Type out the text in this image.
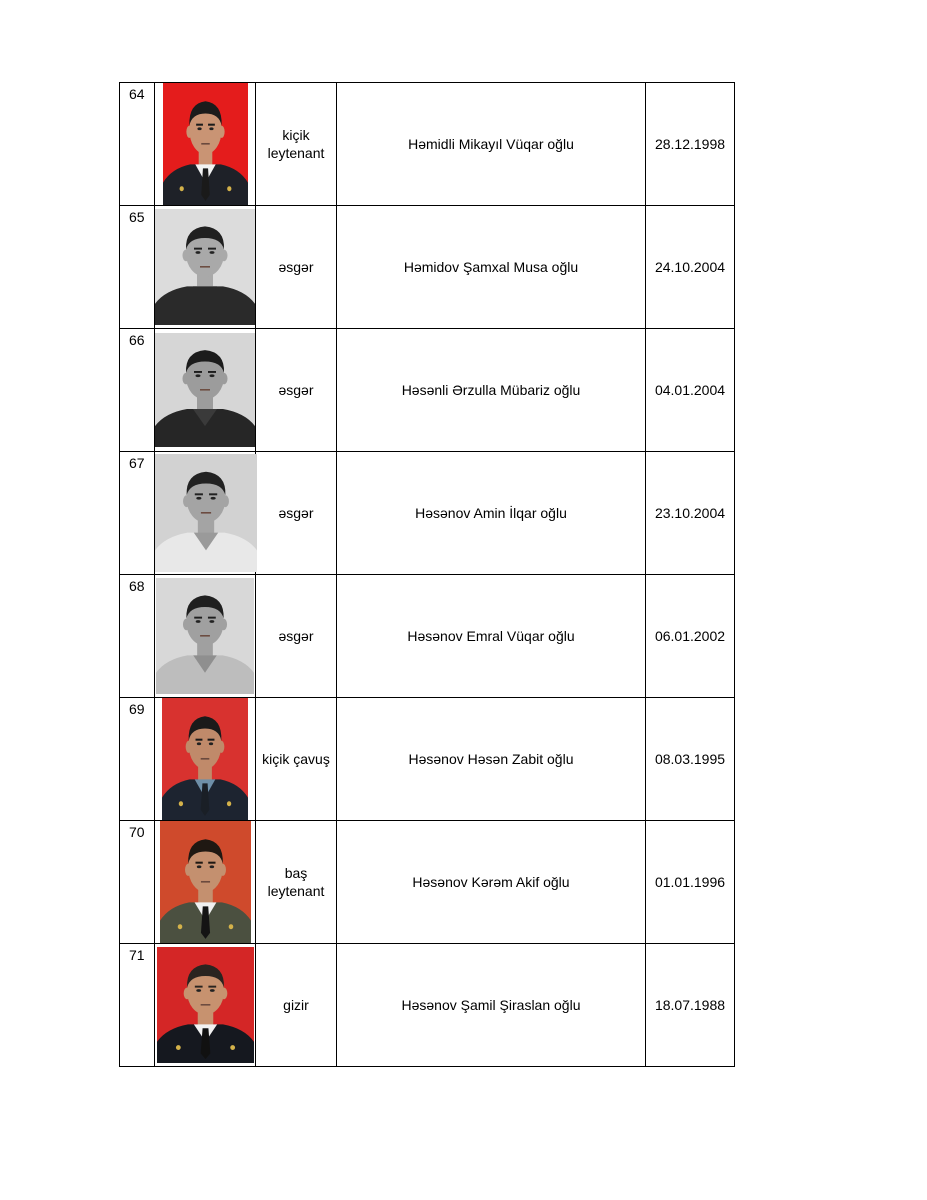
64		kiçik leytenant	Həmidli Mikayıl Vüqar oğlu	28.12.1998
65		əsgər	Həmidov Şamxal Musa oğlu	24.10.2004
66		əsgər	Həsənli Ərzulla Mübariz oğlu	04.01.2004
67		əsgər	Həsənov Amin İlqar oğlu	23.10.2004
68		əsgər	Həsənov Emral Vüqar oğlu	06.01.2002
69		kiçik çavuş	Həsənov Həsən Zabit oğlu	08.03.1995
70		baş leytenant	Həsənov Kərəm Akif oğlu	01.01.1996
71		gizir	Həsənov Şamil Şiraslan oğlu	18.07.1988
